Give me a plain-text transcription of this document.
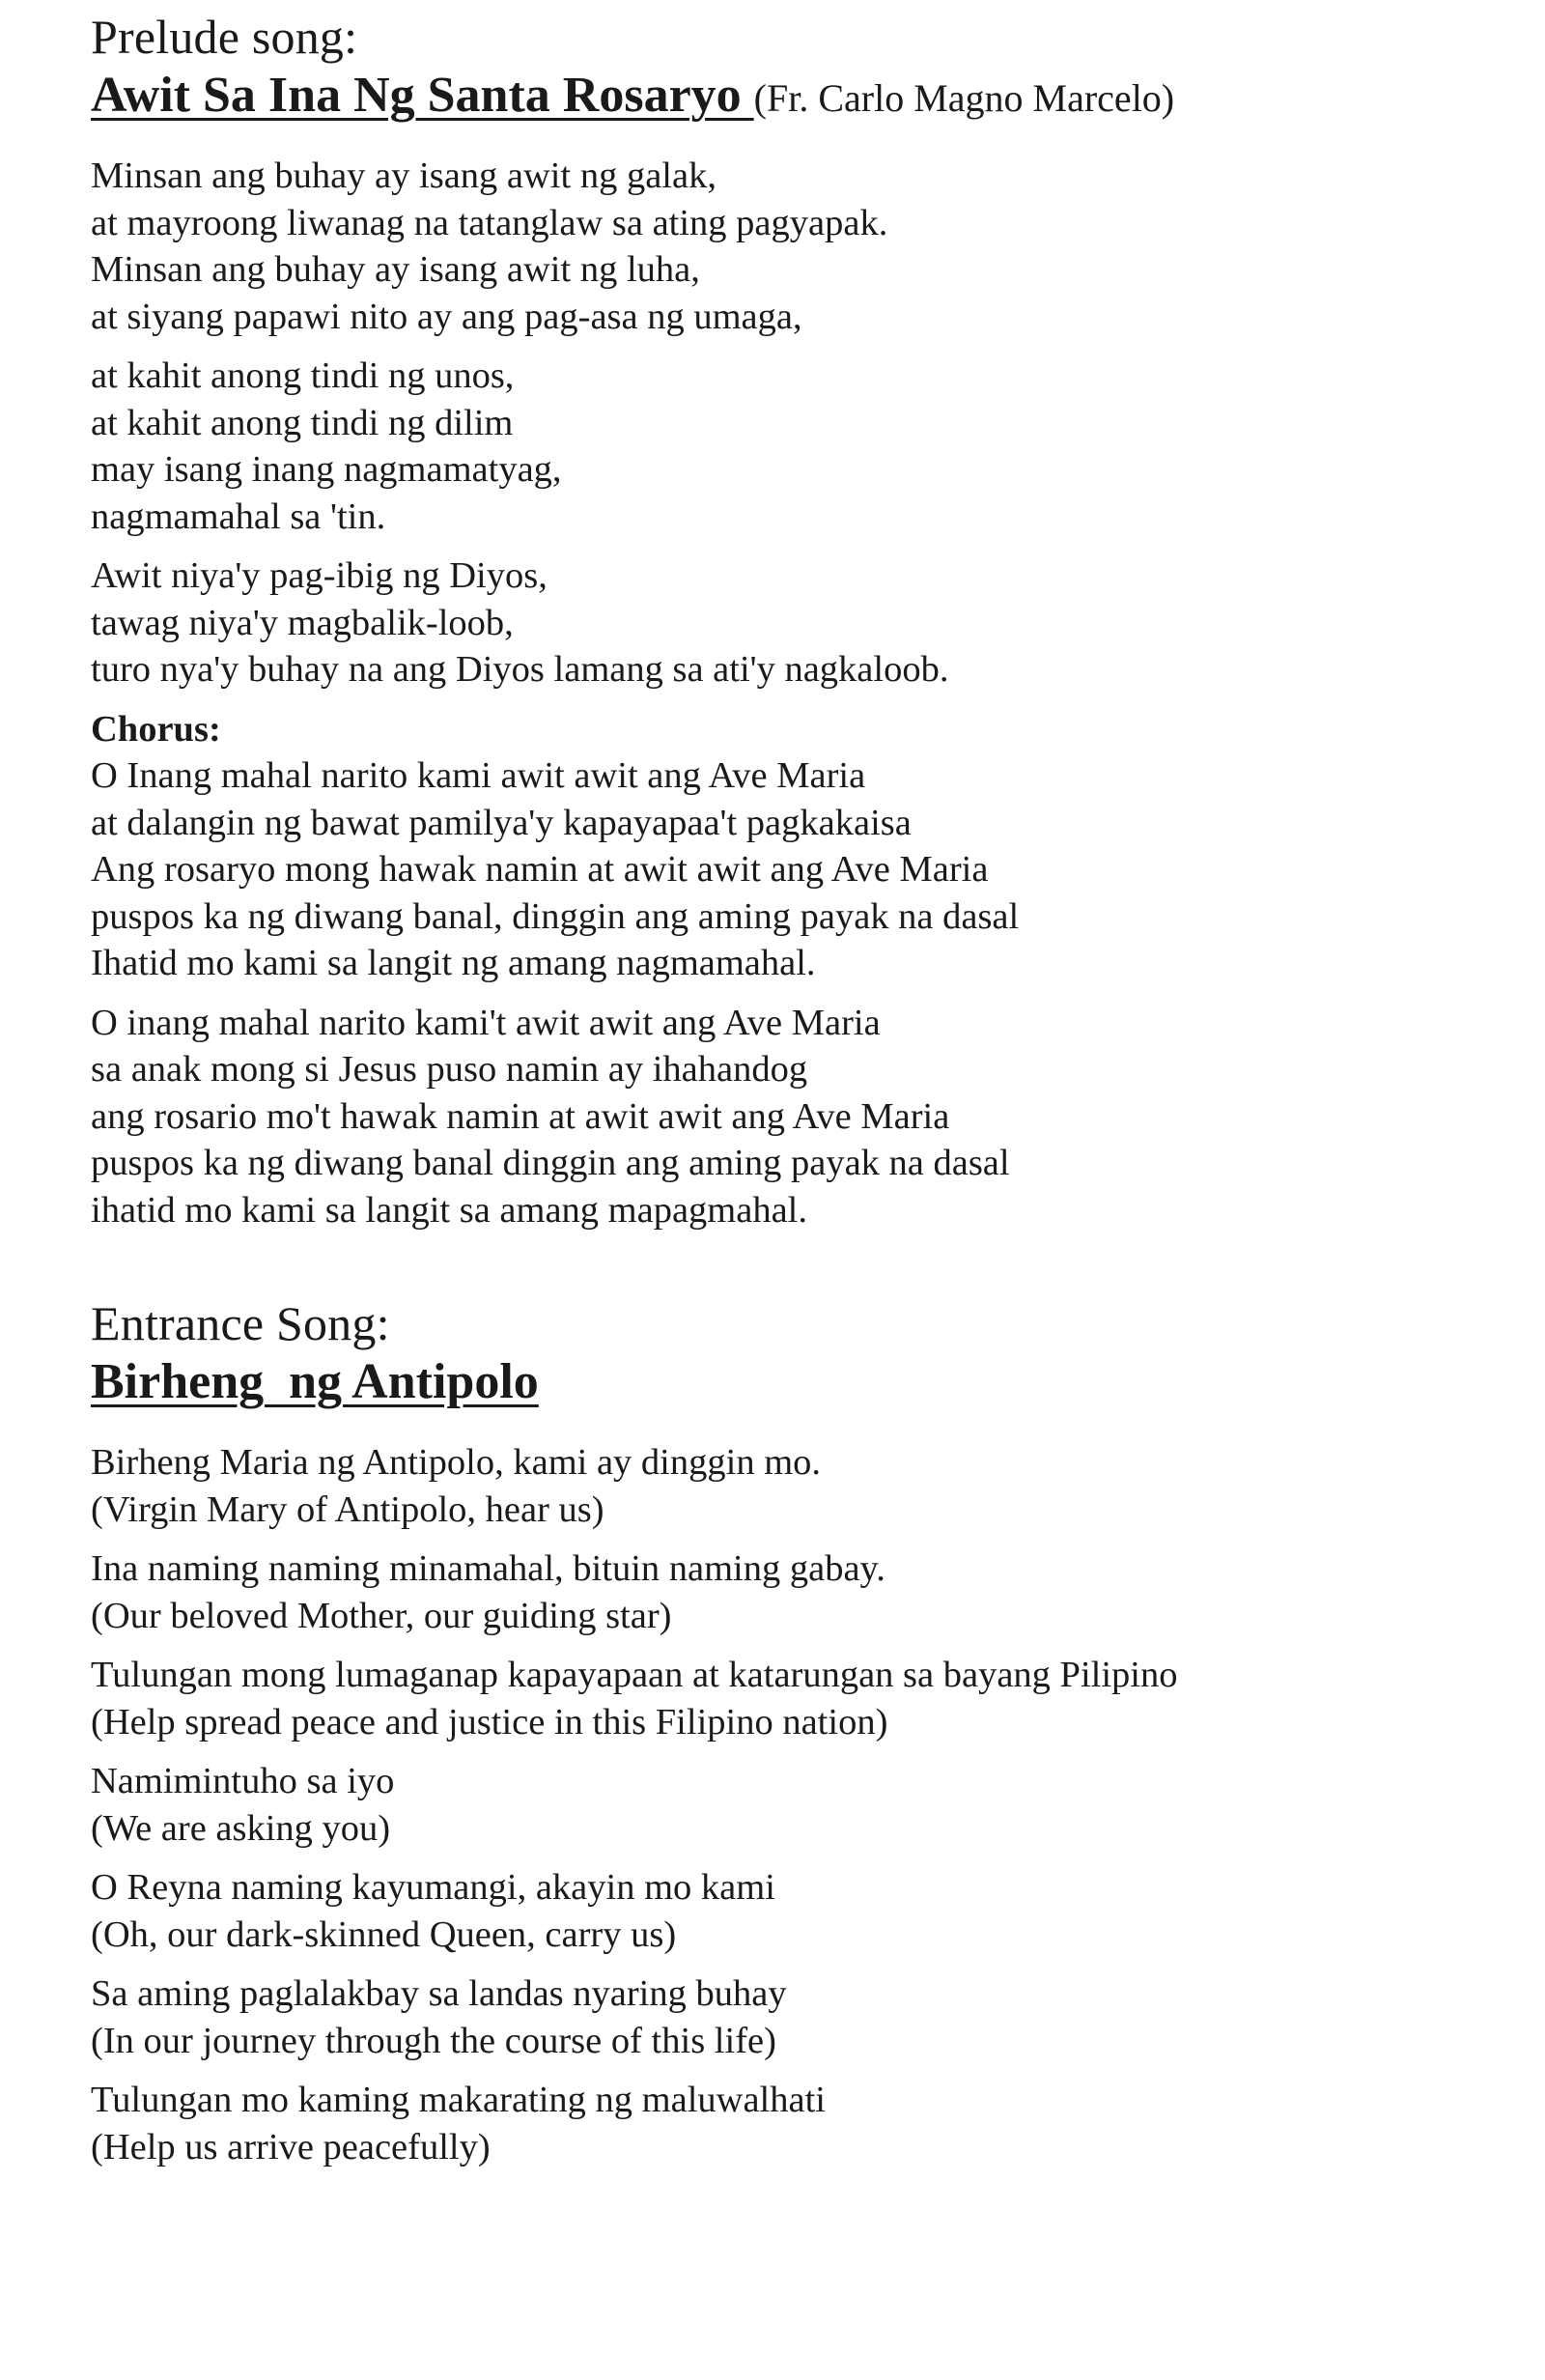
Prelude song:
Awit Sa Ina Ng Santa Rosaryo (Fr. Carlo Magno Marcelo)
Minsan ang buhay ay isang awit ng galak,
at mayroong liwanag na tatanglaw sa ating pagyapak.
Minsan ang buhay ay isang awit ng luha,
at siyang papawi nito ay ang pag-asa ng umaga,
at kahit anong tindi ng unos,
at kahit anong tindi ng dilim
may isang inang nagmamatyag,
nagmamahal sa 'tin.
Awit niya'y pag-ibig ng Diyos,
tawag niya'y magbalik-loob,
turo nya'y buhay na ang Diyos lamang sa ati'y nagkaloob.
Chorus:
O Inang mahal narito kami awit awit ang Ave Maria
at dalangin ng bawat pamilya'y kapayapaa't pagkakaisa
Ang rosaryo mong hawak namin at awit awit ang Ave Maria
puspos ka ng diwang banal, dinggin ang aming payak na dasal
Ihatid mo kami sa langit ng amang nagmamahal.
O inang mahal narito kami't awit awit ang Ave Maria
sa anak mong si Jesus puso namin ay ihahandog
ang rosario mo't hawak namin at awit awit ang Ave Maria
puspos ka ng diwang banal dinggin ang aming payak na dasal
ihatid mo kami sa langit sa amang mapagmahal.
Entrance Song:
Birheng  ng Antipolo
Birheng Maria ng Antipolo, kami ay dinggin mo.
(Virgin Mary of Antipolo, hear us)
Ina naming naming minamahal, bituin naming gabay.
(Our beloved Mother, our guiding star)
Tulungan mong lumaganap kapayapaan at katarungan sa bayang Pilipino
(Help spread peace and justice in this Filipino nation)
Namimintuho sa iyo
(We are asking you)
O Reyna naming kayumangi, akayin mo kami
(Oh, our dark-skinned Queen, carry us)
Sa aming paglalakbay sa landas nyaring buhay
(In our journey through the course of this life)
Tulungan mo kaming makarating ng maluwalhati
(Help us arrive peacefully)
